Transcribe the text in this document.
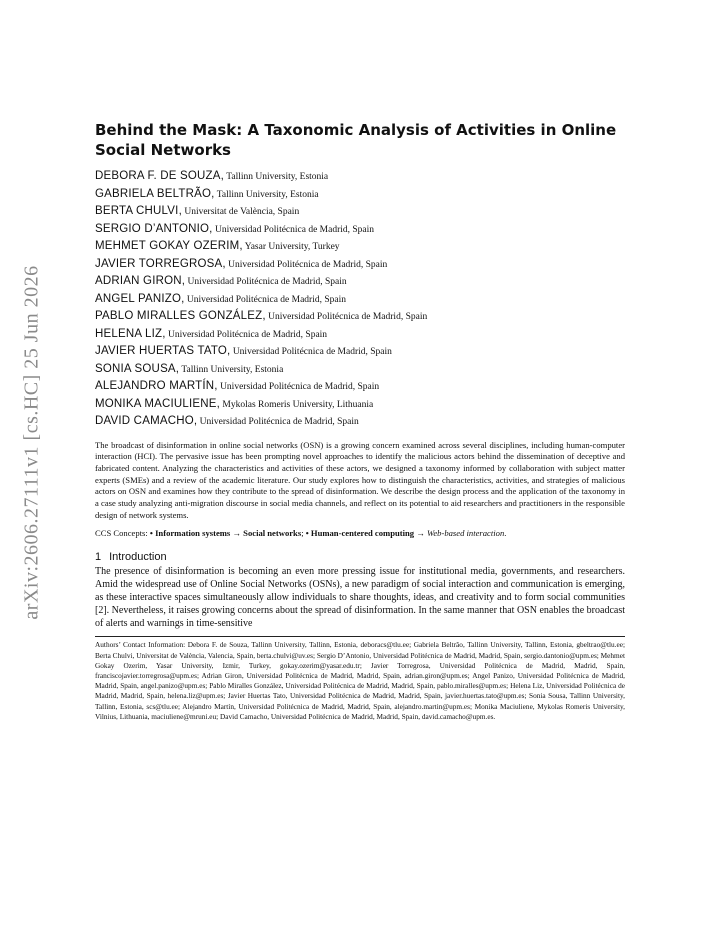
arXiv:2606.27111v1 [cs.HC] 25 Jun 2026
Behind the Mask: A Taxonomic Analysis of Activities in Online Social Networks
DEBORA F. DE SOUZA, Tallinn University, Estonia
GABRIELA BELTRÃO, Tallinn University, Estonia
BERTA CHULVI, Universitat de València, Spain
SERGIO D’ANTONIO, Universidad Politécnica de Madrid, Spain
MEHMET GOKAY OZERIM, Yasar University, Turkey
JAVIER TORREGROSA, Universidad Politécnica de Madrid, Spain
ADRIAN GIRON, Universidad Politécnica de Madrid, Spain
ANGEL PANIZO, Universidad Politécnica de Madrid, Spain
PABLO MIRALLES GONZÁLEZ, Universidad Politécnica de Madrid, Spain
HELENA LIZ, Universidad Politécnica de Madrid, Spain
JAVIER HUERTAS TATO, Universidad Politécnica de Madrid, Spain
SONIA SOUSA, Tallinn University, Estonia
ALEJANDRO MARTÍN, Universidad Politécnica de Madrid, Spain
MONIKA MACIULIENE, Mykolas Romeris University, Lithuania
DAVID CAMACHO, Universidad Politécnica de Madrid, Spain

The broadcast of disinformation in online social networks (OSN) is a growing concern examined across several disciplines, including human-computer interaction (HCI). The pervasive issue has been prompting novel approaches to identify the malicious actors behind the dissemination of deceptive and fabricated content. Analyzing the characteristics and activities of these actors, we designed a taxonomy informed by collaboration with subject matter experts (SMEs) and a review of the academic literature. Our study explores how to distinguish the characteristics, activities, and strategies of malicious actors on OSN and examines how they contribute to the spread of disinformation. We describe the design process and the application of the taxonomy in a case study analyzing anti-migration discourse in social media channels, and reflect on its potential to aid researchers and practitioners in the responsible design of network systems.

CCS Concepts: • Information systems → Social networks; • Human-centered computing → Web-based interaction.

1 Introduction

The presence of disinformation is becoming an even more pressing issue for institutional media, governments, and researchers. Amid the widespread use of Online Social Networks (OSNs), a new paradigm of social interaction and communication is emerging, as these interactive spaces simultaneously allow individuals to share thoughts, ideas, and creativity and to form social communities [2]. Nevertheless, it raises growing concerns about the spread of disinformation. In the same manner that OSN enables the broadcast of alerts and warnings in time-sensitive

Authors’ Contact Information: Debora F. de Souza, Tallinn University, Tallinn, Estonia, deboracs@tlu.ee; Gabriela Beltrão, Tallinn University, Tallinn, Estonia, gbeltrao@tlu.ee; Berta Chulvi, Universitat de València, Valencia, Spain, berta.chulvi@uv.es; Sergio D’Antonio, Universidad Politécnica de Madrid, Madrid, Spain, sergio.dantonio@upm.es; Mehmet Gokay Ozerim, Yasar University, Izmir, Turkey, gokay.ozerim@yasar.edu.tr; Javier Torregrosa, Universidad Politécnica de Madrid, Madrid, Spain, franciscojavier.torregrosa@upm.es; Adrian Giron, Universidad Politécnica de Madrid, Madrid, Spain, adrian.giron@upm.es; Angel Panizo, Universidad Politécnica de Madrid, Madrid, Spain, angel.panizo@upm.es; Pablo Miralles González, Universidad Politécnica de Madrid, Madrid, Spain, pablo.miralles@upm.es; Helena Liz, Universidad Politécnica de Madrid, Madrid, Spain, helena.liz@upm.es; Javier Huertas Tato, Universidad Politécnica de Madrid, Madrid, Spain, javier.huertas.tato@upm.es; Sonia Sousa, Tallinn University, Tallinn, Estonia, scs@tlu.ee; Alejandro Martín, Universidad Politécnica de Madrid, Madrid, Spain, alejandro.martin@upm.es; Monika Maciuliene, Mykolas Romeris University, Vilnius, Lithuania, maciuliene@mruni.eu; David Camacho, Universidad Politécnica de Madrid, Madrid, Spain, david.camacho@upm.es.
